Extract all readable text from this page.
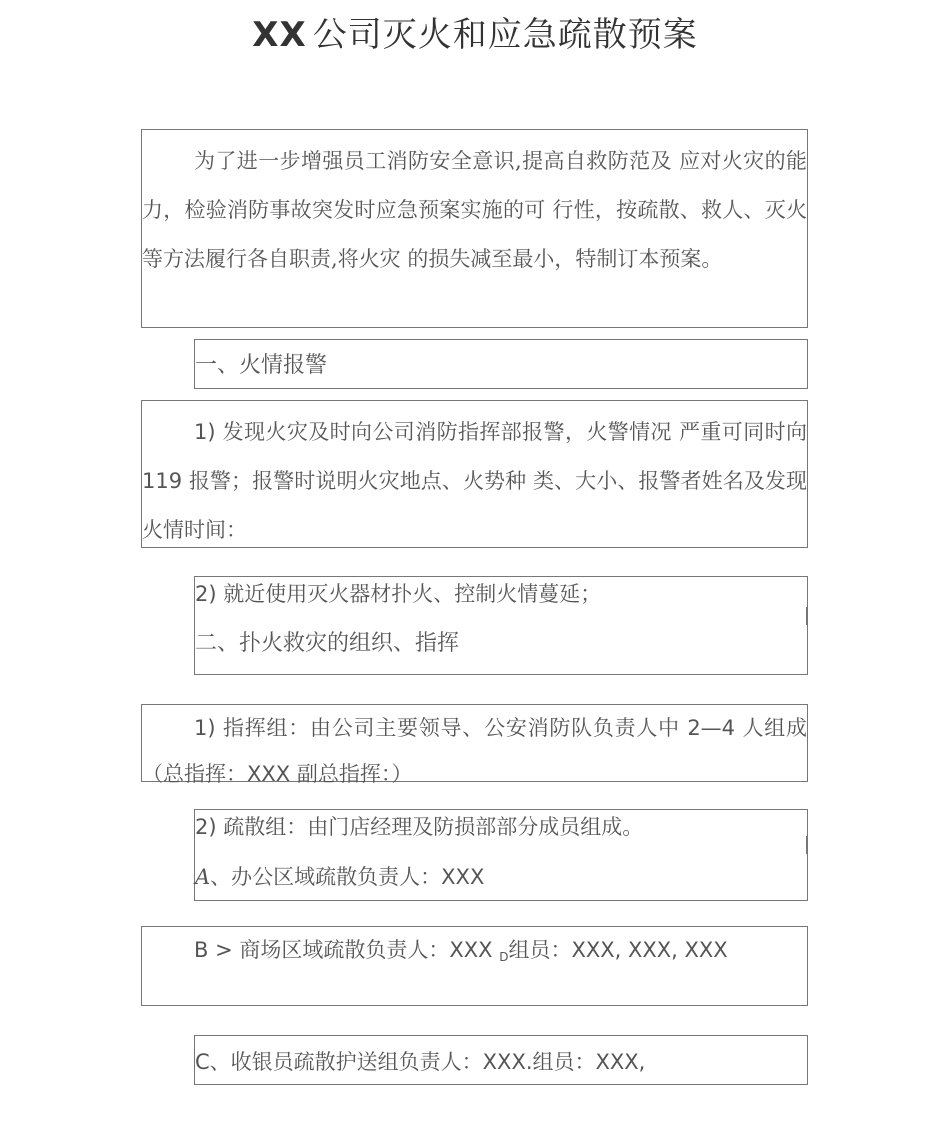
XX 公司灭火和应急疏散预案

为了进一步增强员工消防安全意识,提高自救防范及 应对火灾的能力，检验消防事故突发时应急预案实施的可 行性，按疏散、救人、灭火等方法履行各自职责,将火灾 的损失减至最小，特制订本预案。

一、火情报警

1) 发现火灾及时向公司消防指挥部报警，火警情况 严重可同时向 119 报警；报警时说明火灾地点、火势种 类、大小、报警者姓名及发现火情时间：

2) 就近使用灭火器材扑火、控制火情蔓延；

二、扑火救灾的组织、指挥

1) 指挥组：由公司主要领导、公安消防队负责人中 2—4 人组成（总指挥：XXX 副总指挥：）

2) 疏散组：由门店经理及防损部部分成员组成。

A、办公区域疏散负责人：XXX

B > 商场区域疏散负责人：XXX $_D$组员：XXX, XXX, XXX

C、收银员疏散护送组负责人：XXX.组员：XXX,
